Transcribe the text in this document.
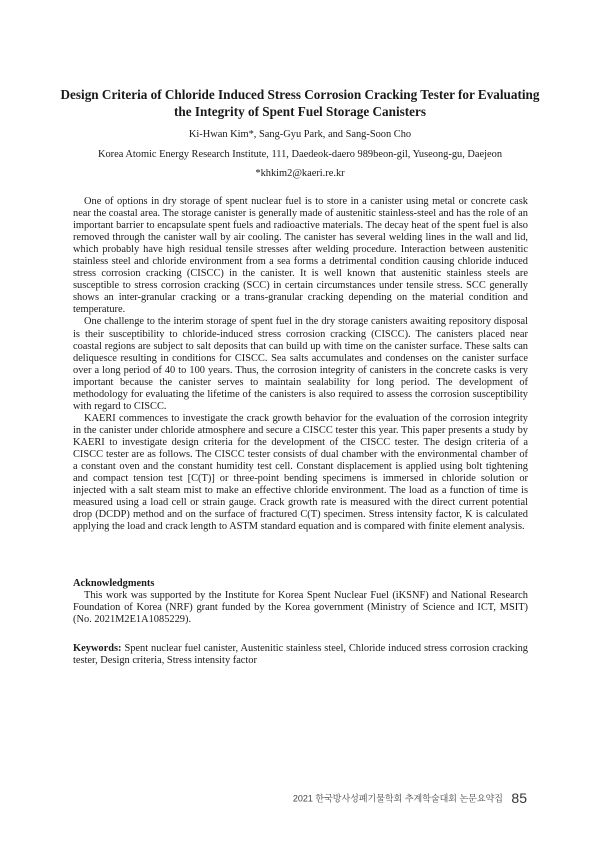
Design Criteria of Chloride Induced Stress Corrosion Cracking Tester for Evaluating the Integrity of Spent Fuel Storage Canisters
Ki-Hwan Kim*, Sang-Gyu Park, and Sang-Soon Cho
Korea Atomic Energy Research Institute, 111, Daedeok-daero 989beon-gil, Yuseong-gu, Daejeon
*khkim2@kaeri.re.kr

One of options in dry storage of spent nuclear fuel is to store in a canister using metal or concrete cask near the coastal area. The storage canister is generally made of austenitic stainless-steel and has the role of an important barrier to encapsulate spent fuels and radioactive materials. The decay heat of the spent fuel is also removed through the canister wall by air cooling. The canister has several welding lines in the wall and lid, which probably have high residual tensile stresses after welding procedure. Interaction between austenitic stainless steel and chloride environment from a sea forms a detrimental condition causing chloride induced stress corrosion cracking (CISCC) in the canister. It is well known that austenitic stainless steels are susceptible to stress corrosion cracking (SCC) in certain circumstances under tensile stress. SCC generally shows an inter-granular cracking or a trans-granular cracking depending on the material condition and temperature.

One challenge to the interim storage of spent fuel in the dry storage canisters awaiting repository disposal is their susceptibility to chloride-induced stress corrosion cracking (CISCC). The canisters placed near coastal regions are subject to salt deposits that can build up with time on the canister surface. These salts can deliquesce resulting in conditions for CISCC. Sea salts accumulates and condenses on the canister surface over a long period of 40 to 100 years. Thus, the corrosion integrity of canisters in the concrete casks is very important because the canister serves to maintain sealability for long period. The development of methodology for evaluating the lifetime of the canisters is also required to assess the corrosion susceptibility with regard to CISCC.

KAERI commences to investigate the crack growth behavior for the evaluation of the corrosion integrity in the canister under chloride atmosphere and secure a CISCC tester this year. This paper presents a study by KAERI to investigate design criteria for the development of the CISCC tester. The design criteria of a CISCC tester are as follows. The CISCC tester consists of dual chamber with the environmental chamber of a constant oven and the constant humidity test cell. Constant displacement is applied using bolt tightening and compact tension test [C(T)] or three-point bending specimens is immersed in chloride solution or injected with a salt steam mist to make an effective chloride environment. The load as a function of time is measured using a load cell or strain gauge. Crack growth rate is measured with the direct current potential drop (DCDP) method and on the surface of fractured C(T) specimen. Stress intensity factor, K is calculated applying the load and crack length to ASTM standard equation and is compared with finite element analysis.

Acknowledgments

This work was supported by the Institute for Korea Spent Nuclear Fuel (iKSNF) and National Research Foundation of Korea (NRF) grant funded by the Korea government (Ministry of Science and ICT, MSIT) (No. 2021M2E1A1085229).

Keywords: Spent nuclear fuel canister, Austenitic stainless steel, Chloride induced stress corrosion cracking tester, Design criteria, Stress intensity factor
2021 한국방사성폐기물학회 추계학술대회 논문요약집 85
